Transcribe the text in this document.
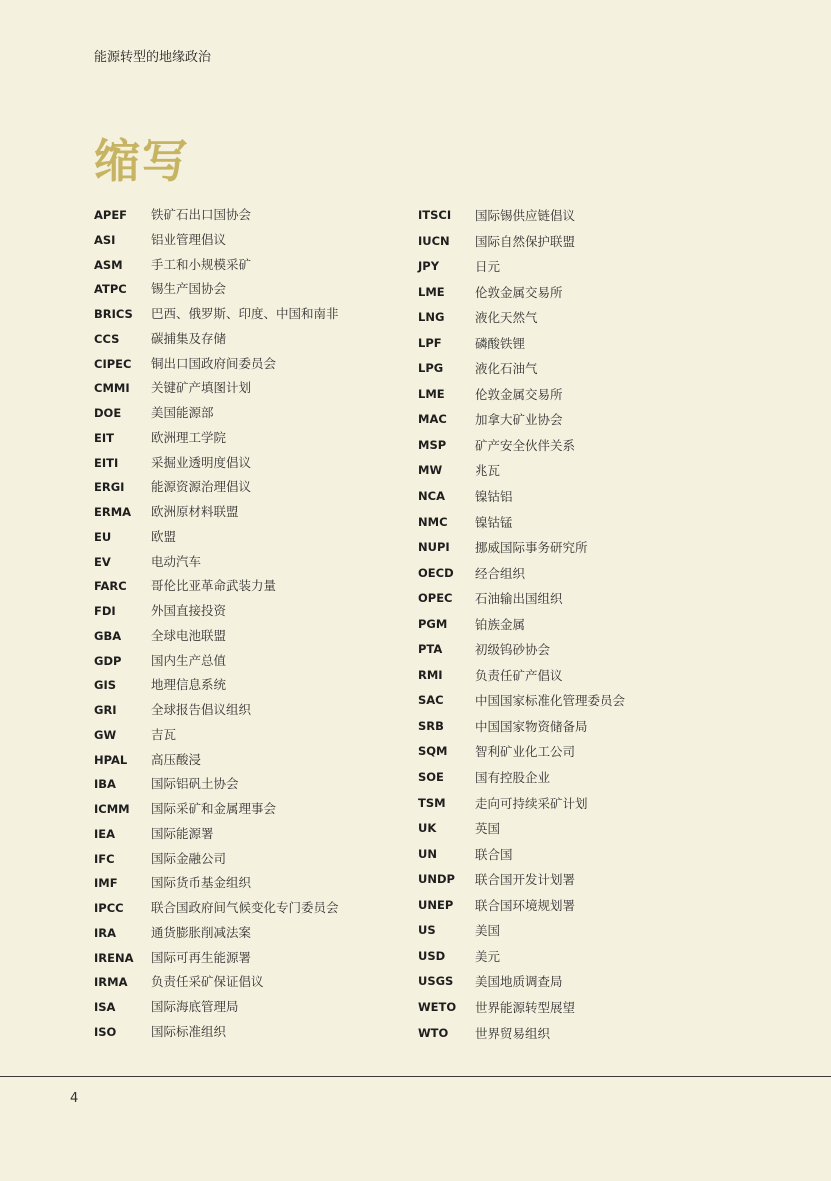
能源转型的地缘政治
缩写
APEF 铁矿石出口国协会
ASI	铝业管理倡议
ASM 手工和小规模采矿
ATPC 锡生产国协会
BRICS 巴西、俄罗斯、印度、中国和南非
CCS	碳捕集及存储
CIPEC 铜出口国政府间委员会
CMMI 关键矿产填图计划
DOE 美国能源部
EIT	欧洲理工学院
EITI	采掘业透明度倡议
ERGI 能源资源治理倡议
ERMA 欧洲原材料联盟
EU	欧盟
EV	电动汽车
FARC 哥伦比亚革命武装力量
FDI	外国直接投资
GBA 全球电池联盟
GDP 国内生产总值
GIS	地理信息系统
GRI	全球报告倡议组织
GW	吉瓦
HPAL 高压酸浸
IBA	国际铝矾土协会
ICMM 国际采矿和金属理事会
IEA	国际能源署
IFC	国际金融公司
IMF	国际货币基金组织
IPCC 联合国政府间气候变化专门委员会
IRA	通货膨胀削减法案
IRENA 国际可再生能源署
IRMA 负责任采矿保证倡议
ISA	国际海底管理局
ISO	国际标准组织
ITSCI 国际锡供应链倡议
IUCN 国际自然保护联盟
JPY	日元
LME 伦敦金属交易所
LNG 液化天然气
LPF	磷酸铁锂
LPG	液化石油气
LME 伦敦金属交易所
MAC 加拿大矿业协会
MSP 矿产安全伙伴关系
MW	兆瓦
NCA 镍钴铝
NMC 镍钴锰
NUPI 挪威国际事务研究所
OECD 经合组织
OPEC 石油输出国组织
PGM 铂族金属
PTA	初级钨砂协会
RMI	负责任矿产倡议
SAC	中国国家标准化管理委员会
SRB 中国国家物资储备局
SQM 智利矿业化工公司
SOE 国有控股企业
TSM 走向可持续采矿计划
UK	英国
UN	联合国
UNDP 联合国开发计划署
UNEP 联合国环境规划署
US	美国
USD 美元
USGS 美国地质调查局
WETO 世界能源转型展望
WTO 世界贸易组织
4
